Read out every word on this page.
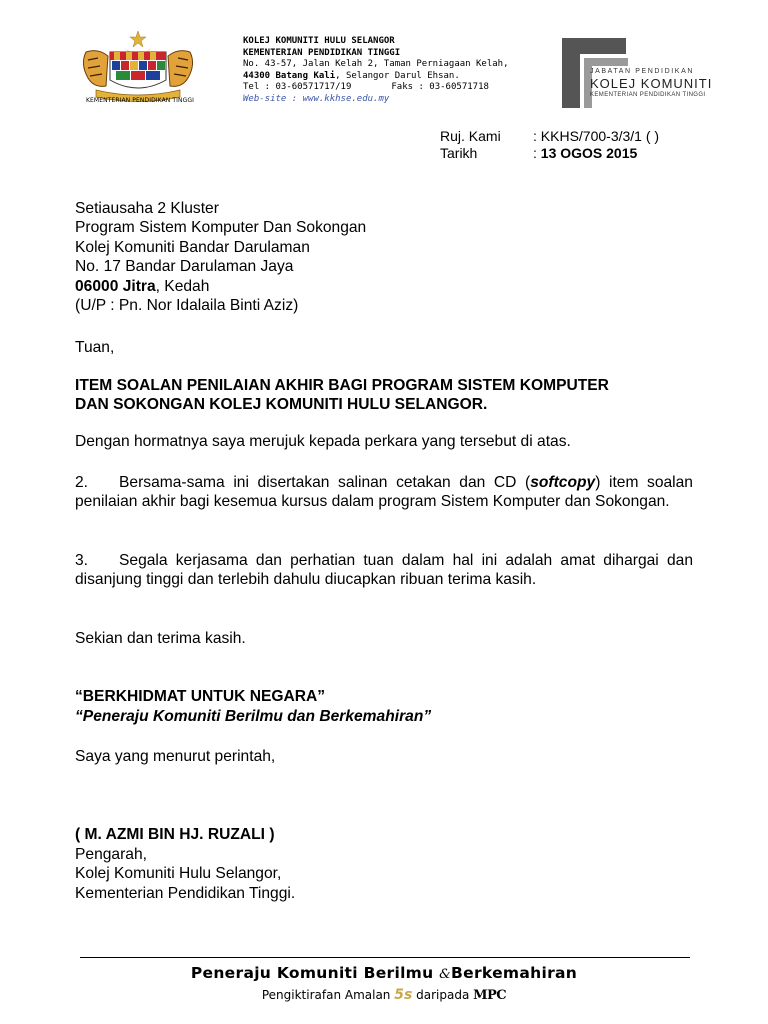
KEMENTERIAN PENDIDIKAN TINGGI
KOLEJ KOMUNITI HULU SELANGOR
KEMENTERIAN PENDIDIKAN TINGGI
No. 43-57, Jalan Kelah 2, Taman Perniagaan Kelah,
44300 Batang Kali, Selangor Darul Ehsan.
Tel : 03-60571717/19	Faks : 03-60571718
Web-site : www.kkhse.edu.my
JABATAN PENDIDIKAN
KOLEJ KOMUNITI
KEMENTERIAN PENDIDIKAN TINGGI
Ruj. Kami	: KKHS/700-3/3/1 ( )
Tarikh	: 13 OGOS 2015
Setiausaha 2 Kluster
Program Sistem Komputer Dan Sokongan
Kolej Komuniti Bandar Darulaman
No. 17 Bandar Darulaman Jaya
06000 Jitra, Kedah
(U/P : Pn. Nor Idalaila Binti Aziz)
Tuan,
ITEM SOALAN PENILAIAN AKHIR BAGI PROGRAM SISTEM KOMPUTER
DAN SOKONGAN KOLEJ KOMUNITI HULU SELANGOR.
Dengan hormatnya saya merujuk kepada perkara yang tersebut di atas.
2. Bersama-sama ini disertakan salinan cetakan dan CD (softcopy) item soalan penilaian akhir bagi kesemua kursus dalam program Sistem Komputer dan Sokongan.
3. Segala kerjasama dan perhatian tuan dalam hal ini adalah amat dihargai dan disanjung tinggi dan terlebih dahulu diucapkan ribuan terima kasih.
Sekian dan terima kasih.
“BERKHIDMAT UNTUK NEGARA”
“Peneraju Komuniti Berilmu dan Berkemahiran”
Saya yang menurut perintah,
( M. AZMI BIN HJ. RUZALI )
Pengarah,
Kolej Komuniti Hulu Selangor,
Kementerian Pendidikan Tinggi.
Peneraju Komuniti Berilmu &Berkemahiran
Pengiktirafan Amalan 5s daripada MPC
